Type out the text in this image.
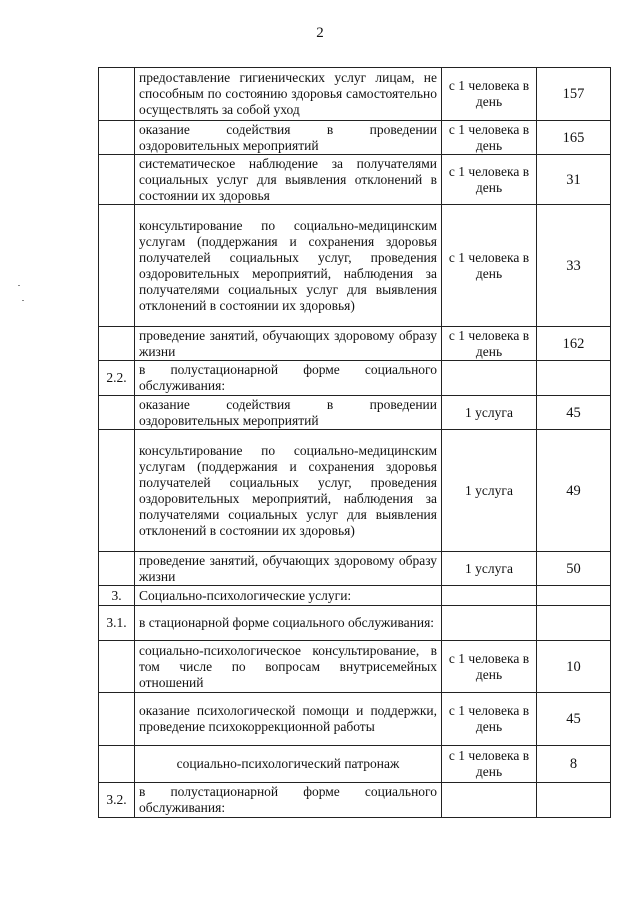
2
	предоставление гигиенических услуг лицам, не способным по состоянию здоровья самостоятельно осуществлять за собой уход	с 1 человека в день	157
	оказание содействия в проведении оздоровительных мероприятий	с 1 человека в день	165
	систематическое наблюдение за получателями социальных услуг для выявления отклонений в состоянии их здоровья	с 1 человека в день	31
	консультирование по социально-медицинским услугам (поддержания и сохранения здоровья получателей социальных услуг, проведения оздоровительных мероприятий, наблюдения за получателями социальных услуг для выявления отклонений в состоянии их здоровья)	с 1 человека в день	33
	проведение занятий, обучающих здоровому образу жизни	с 1 человека в день	162
2.2.	в полустационарной форме социального обслуживания:		
	оказание содействия в проведении оздоровительных мероприятий	1 услуга	45
	консультирование по социально-медицинским услугам (поддержания и сохранения здоровья получателей социальных услуг, проведения оздоровительных мероприятий, наблюдения за получателями социальных услуг для выявления отклонений в состоянии их здоровья)	1 услуга	49
	проведение занятий, обучающих здоровому образу жизни	1 услуга	50
3.	Социально-психологические услуги:		
3.1.	в стационарной форме социального обслуживания:		
	социально-психологическое консультирование, в том числе по вопросам внутрисемейных отношений	с 1 человека в день	10
	оказание психологической помощи и поддержки, проведение психокоррекционной работы	с 1 человека в день	45
	социально-психологический патронаж	с 1 человека в день	8
3.2.	в полустационарной форме социального обслуживания:		
